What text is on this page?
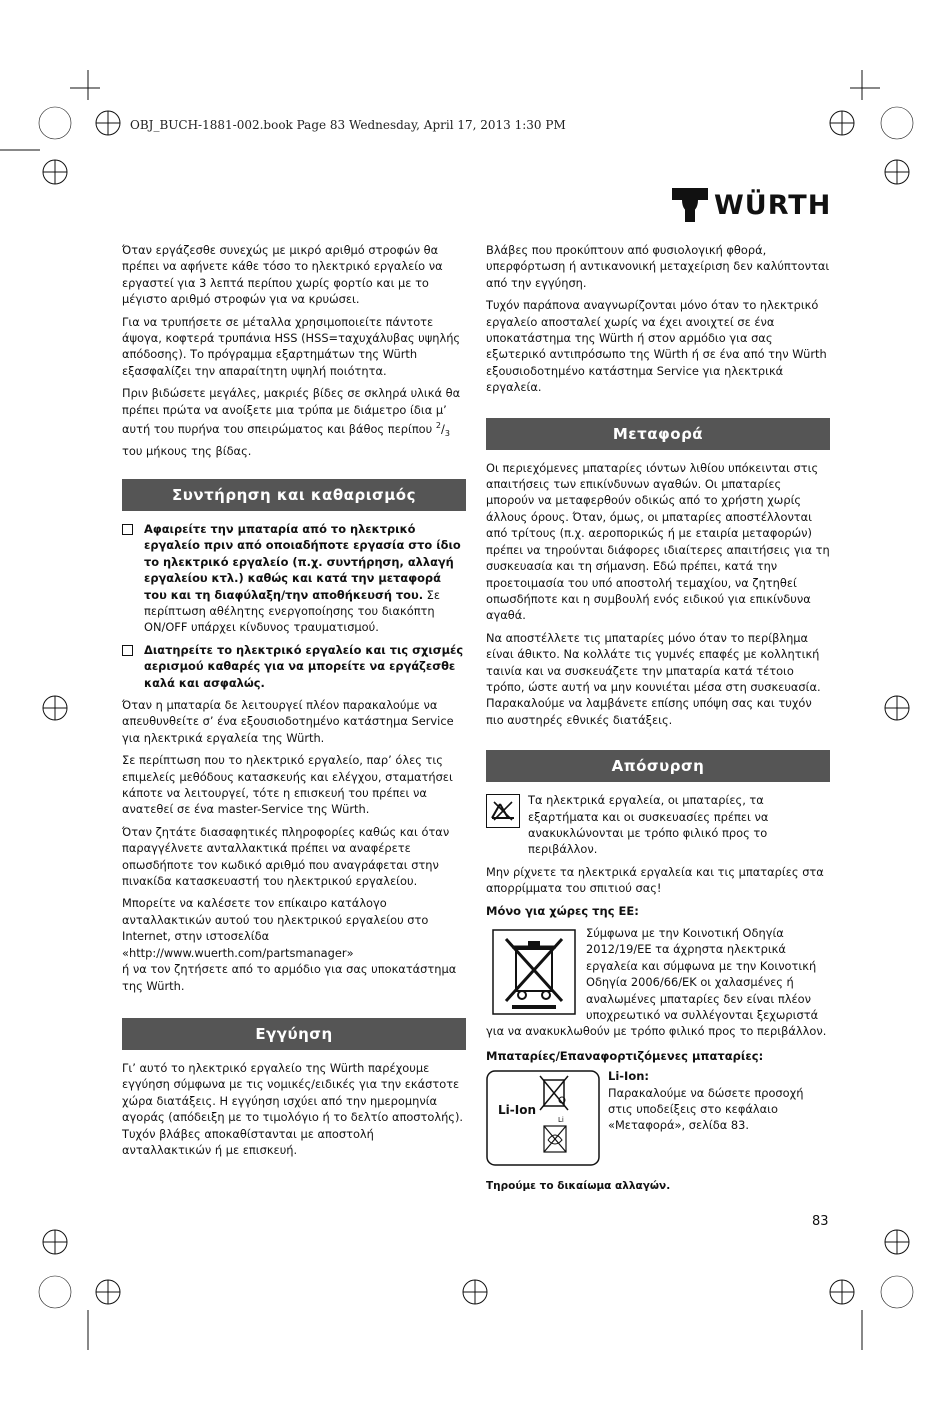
OBJ_BUCH-1881-002.book Page 83 Wednesday, April 17, 2013 1:30 PM
WÜRTH

Όταν εργάζεσθε συνεχώς με μικρό αριθμό στροφών θα πρέπει να αφήνετε κάθε τόσο το ηλεκτρικό εργαλείο να εργαστεί για 3 λεπτά περίπου χωρίς φορτίο και με το μέγιστο αριθμό στροφών για να κρυώσει.

Για να τρυπήσετε σε μέταλλα χρησιμοποιείτε πάντοτε άψογα, κοφτερά τρυπάνια HSS (HSS=ταχυχάλυβας υψηλής απόδοσης). Το πρόγραμμα εξαρτημάτων της Würth εξασφαλίζει την απαραίτητη υψηλή ποιότητα.

Πριν βιδώσετε μεγάλες, μακριές βίδες σε σκληρά υλικά θα πρέπει πρώτα να ανοίξετε μια τρύπα με διάμετρο ίδια μ’ αυτή του πυρήνα του σπειρώματος και βάθος περίπου $^2/_3$ του μήκους της βίδας.

Συντήρηση και καθαρισμός
Αφαιρείτε την μπαταρία από το ηλεκτρικό εργαλείο πριν από οποιαδήποτε εργασία στο ίδιο το ηλεκτρικό εργαλείο (π.χ. συντήρηση, αλλαγή εργαλείου κτλ.) καθώς και κατά την μεταφορά του και τη διαφύλαξη/την αποθήκευσή του. Σε περίπτωση αθέλητης ενεργοποίησης του διακόπτη ON/OFF υπάρχει κίνδυνος τραυματισμού.
Διατηρείτε το ηλεκτρικό εργαλείο και τις σχισμές αερισμού καθαρές για να μπορείτε να εργάζεσθε καλά και ασφαλώς.

Όταν η μπαταρία δε λειτουργεί πλέον παρακαλούμε να απευθυνθείτε σ’ ένα εξουσιοδοτημένο κατάστημα Service για ηλεκτρικά εργαλεία της Würth.

Σε περίπτωση που το ηλεκτρικό εργαλείο, παρ’ όλες τις επιμελείς μεθόδους κατασκευής και ελέγχου, σταματήσει κάποτε να λειτουργεί, τότε η επισκευή του πρέπει να ανατεθεί σε ένα master-Service της Würth.

Όταν ζητάτε διασαφητικές πληροφορίες καθώς και όταν παραγγέλνετε ανταλλακτικά πρέπει να αναφέρετε οπωσδήποτε τον κωδικό αριθμό που αναγράφεται στην πινακίδα κατασκευαστή του ηλεκτρικού εργαλείου.

Μπορείτε να καλέσετε τον επίκαιρο κατάλογο ανταλλακτικών αυτού του ηλεκτρικού εργαλείου στο Internet, στην ιστοσελίδα
«http://www.wuerth.com/partsmanager»
ή να τον ζητήσετε από το αρμόδιο για σας υποκατάστημα της Würth.

Εγγύηση

Γι’ αυτό το ηλεκτρικό εργαλείο της Würth παρέχουμε εγγύηση σύμφωνα με τις νομικές/ειδικές για την εκάστοτε χώρα διατάξεις. Η εγγύηση ισχύει από την ημερομηνία αγοράς (απόδειξη με το τιμολόγιο ή το δελτίο αποστολής). Τυχόν βλάβες αποκαθίστανται με αποστολή ανταλλακτικών ή με επισκευή.

Βλάβες που προκύπτουν από φυσιολογική φθορά, υπερφόρτωση ή αντικανονική μεταχείριση δεν καλύπτονται από την εγγύηση.

Τυχόν παράπονα αναγνωρίζονται μόνο όταν το ηλεκτρικό εργαλείο αποσταλεί χωρίς να έχει ανοιχτεί σε ένα υποκατάστημα της Würth ή στον αρμόδιο για σας εξωτερικό αντιπρόσωπο της Würth ή σε ένα από την Würth εξουσιοδοτημένο κατάστημα Service για ηλεκτρικά εργαλεία.

Μεταφορά

Οι περιεχόμενες μπαταρίες ιόντων λιθίου υπόκεινται στις απαιτήσεις των επικίνδυνων αγαθών. Οι μπαταρίες μπορούν να μεταφερθούν οδικώς από το χρήστη χωρίς άλλους όρους. Όταν, όμως, οι μπαταρίες αποστέλλονται από τρίτους (π.χ. αεροπορικώς ή με εταιρία μεταφορών) πρέπει να τηρούνται διάφορες ιδιαίτερες απαιτήσεις για τη συσκευασία και τη σήμανση. Εδώ πρέπει, κατά την προετοιμασία του υπό αποστολή τεμαχίου, να ζητηθεί οπωσδήποτε και η συμβουλή ενός ειδικού για επικίνδυνα αγαθά.

Να αποστέλλετε τις μπαταρίες μόνο όταν το περίβλημα είναι άθικτο. Να κολλάτε τις γυμνές επαφές με κολλητική ταινία και να συσκευάζετε την μπαταρία κατά τέτοιο τρόπο, ώστε αυτή να μην κουνιέται μέσα στη συσκευασία.

Παρακαλούμε να λαμβάνετε επίσης υπόψη σας και τυχόν πιο αυστηρές εθνικές διατάξεις.

Απόσυρση
Τα ηλεκτρικά εργαλεία, οι μπαταρίες, τα εξαρτήματα και οι συσκευασίες πρέπει να ανακυκλώνονται με τρόπο φιλικό προς το περιβάλλον.

Μην ρίχνετε τα ηλεκτρικά εργαλεία και τις μπαταρίες στα απορρίμματα του σπιτιού σας!

Μόνο για χώρες της ΕΕ:
Σύμφωνα με την Κοινοτική Οδηγία 2012/19/ΕΕ τα άχρηστα ηλεκτρικά εργαλεία και σύμφωνα με την Κοινοτική Οδηγία 2006/66/ΕΚ οι χαλασμένες ή αναλωμένες μπαταρίες δεν είναι πλέον υποχρεωτικό να συλλέγονται ξεχωριστά για να ανακυκλωθούν με τρόπο φιλικό προς το περιβάλλον.
Μπαταρίες/Επαναφορτιζόμενες μπαταρίες:
Li-Ion
Li
Li-Ion:
Παρακαλούμε να δώσετε προσοχή στις υποδείξεις στο κεφάλαιο «Μεταφορά», σελίδα 83.
Τηρούμε το δικαίωμα αλλαγών.
83
